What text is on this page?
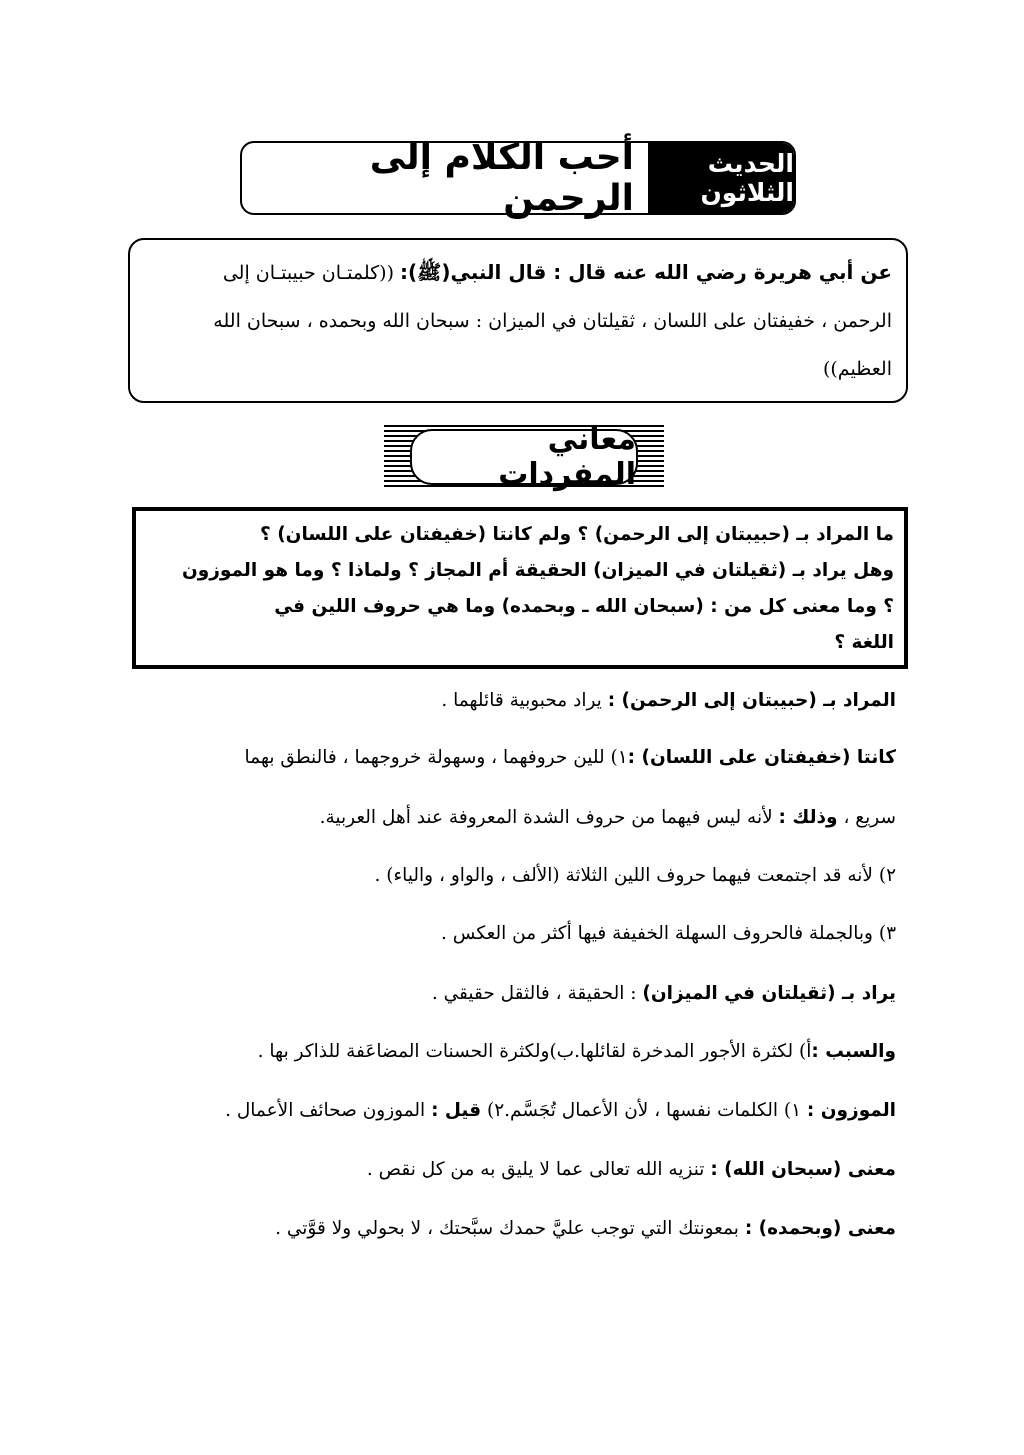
الحديث الثلاثون
أحب الكلام إلى الرحمن
عن أبي هريرة رضي الله عنه قال : قال النبي(ﷺ): ((كلمتـان حبيبتـان إلى
الرحمن ، خفيفتان على اللسان ، ثقيلتان في الميزان : سبحان الله وبحمده ، سبحان الله
العظيم))
معاني المفردات
ما المراد بـ (حبيبتان إلى الرحمن) ؟ ولم كانتا (خفيفتان على اللسان) ؟
وهل يراد بـ (ثقيلتان في الميزان) الحقيقة أم المجاز ؟ ولماذا ؟ وما هو الموزون
؟ وما معنى كل من : (سبحان الله ـ وبحمده) وما هي حروف اللين في
اللغة ؟
المراد بـ (حبيبتان إلى الرحمن) : يراد محبوبية قائلهما .
كانتا (خفيفتان على اللسان) :١) للين حروفهما ، وسهولة خروجهما ، فالنطق بهما
سريع ، وذلك : لأنه ليس فيهما من حروف الشدة المعروفة عند أهل العربية.
٢) لأنه قد اجتمعت فيهما حروف اللين الثلاثة (الألف ، والواو ، والياء) .
٣) وبالجملة فالحروف السهلة الخفيفة فيها أكثر من العكس .
يراد بـ (ثقيلتان في الميزان) : الحقيقة ، فالثقل حقيقي .
والسبب :أ) لكثرة الأجور المدخرة لقائلها.ب)ولكثرة الحسنات المضاعَفة للذاكر بها .
الموزون : ١) الكلمات نفسها ، لأن الأعمال تُجَسَّم.٢) قيل : الموزون صحائف الأعمال .
معنى (سبحان الله) : تنزيه الله تعالى عما لا يليق به من كل نقص .
معنى (وبحمده) : بمعونتك التي توجب عليَّ حمدك سبَّحتك ، لا بحولي ولا قوَّتي .
